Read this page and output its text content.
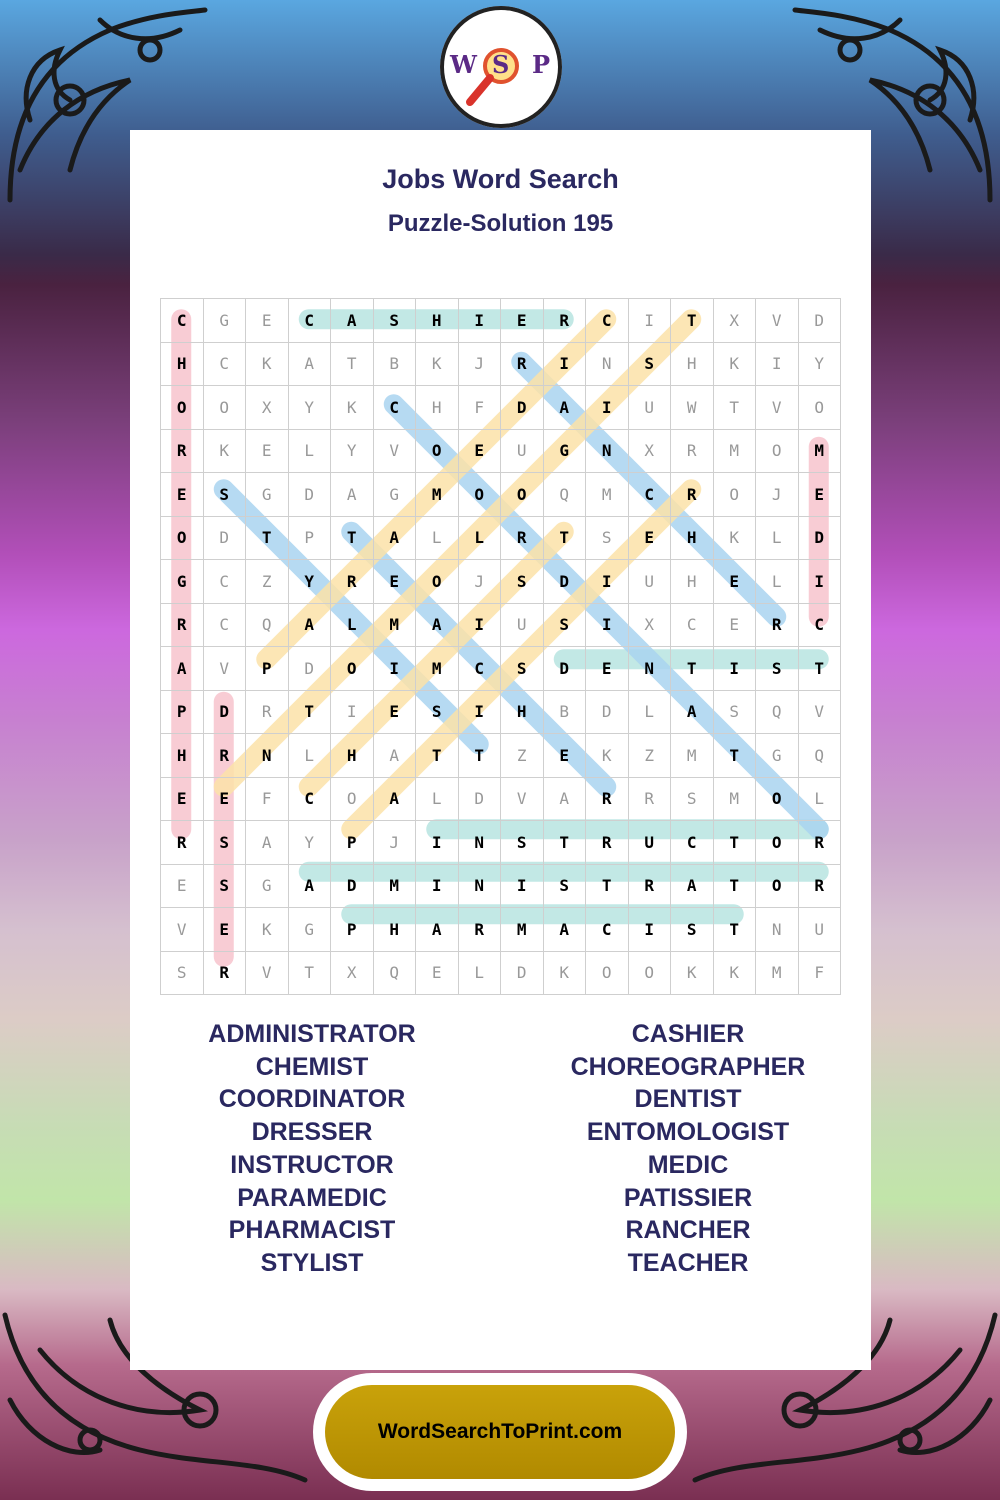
W S P
Jobs Word Search
Puzzle-Solution 195
C	G	E	C	A	S	H	I	E	R	C	I	T	X	V	D
H	C	K	A	T	B	K	J	R	I	N	S	H	K	I	Y
O	O	X	Y	K	C	H	F	D	A	I	U	W	T	V	O
R	K	E	L	Y	V	O	E	U	G	N	X	R	M	O	M
E	S	G	D	A	G	M	O	O	Q	M	C	R	O	J	E
O	D	T	P	T	A	L	L	R	T	S	E	H	K	L	D
G	C	Z	Y	R	E	O	J	S	D	I	U	H	E	L	I
R	C	Q	A	L	M	A	I	U	S	I	X	C	E	R	C
A	V	P	D	O	I	M	C	S	D	E	N	T	I	S	T
P	D	R	T	I	E	S	I	H	B	D	L	A	S	Q	V
H	R	N	L	H	A	T	T	Z	E	K	Z	M	T	G	Q
E	E	F	C	O	A	L	D	V	A	R	R	S	M	O	L
R	S	A	Y	P	J	I	N	S	T	R	U	C	T	O	R
E	S	G	A	D	M	I	N	I	S	T	R	A	T	O	R
V	E	K	G	P	H	A	R	M	A	C	I	S	T	N	U
S	R	V	T	X	Q	E	L	D	K	O	O	K	K	M	F
ADMINISTRATOR
CHEMIST
COORDINATOR
DRESSER
INSTRUCTOR
PARAMEDIC
PHARMACIST
STYLIST
CASHIER
CHOREOGRAPHER
DENTIST
ENTOMOLOGIST
MEDIC
PATISSIER
RANCHER
TEACHER
WordSearchToPrint.com
